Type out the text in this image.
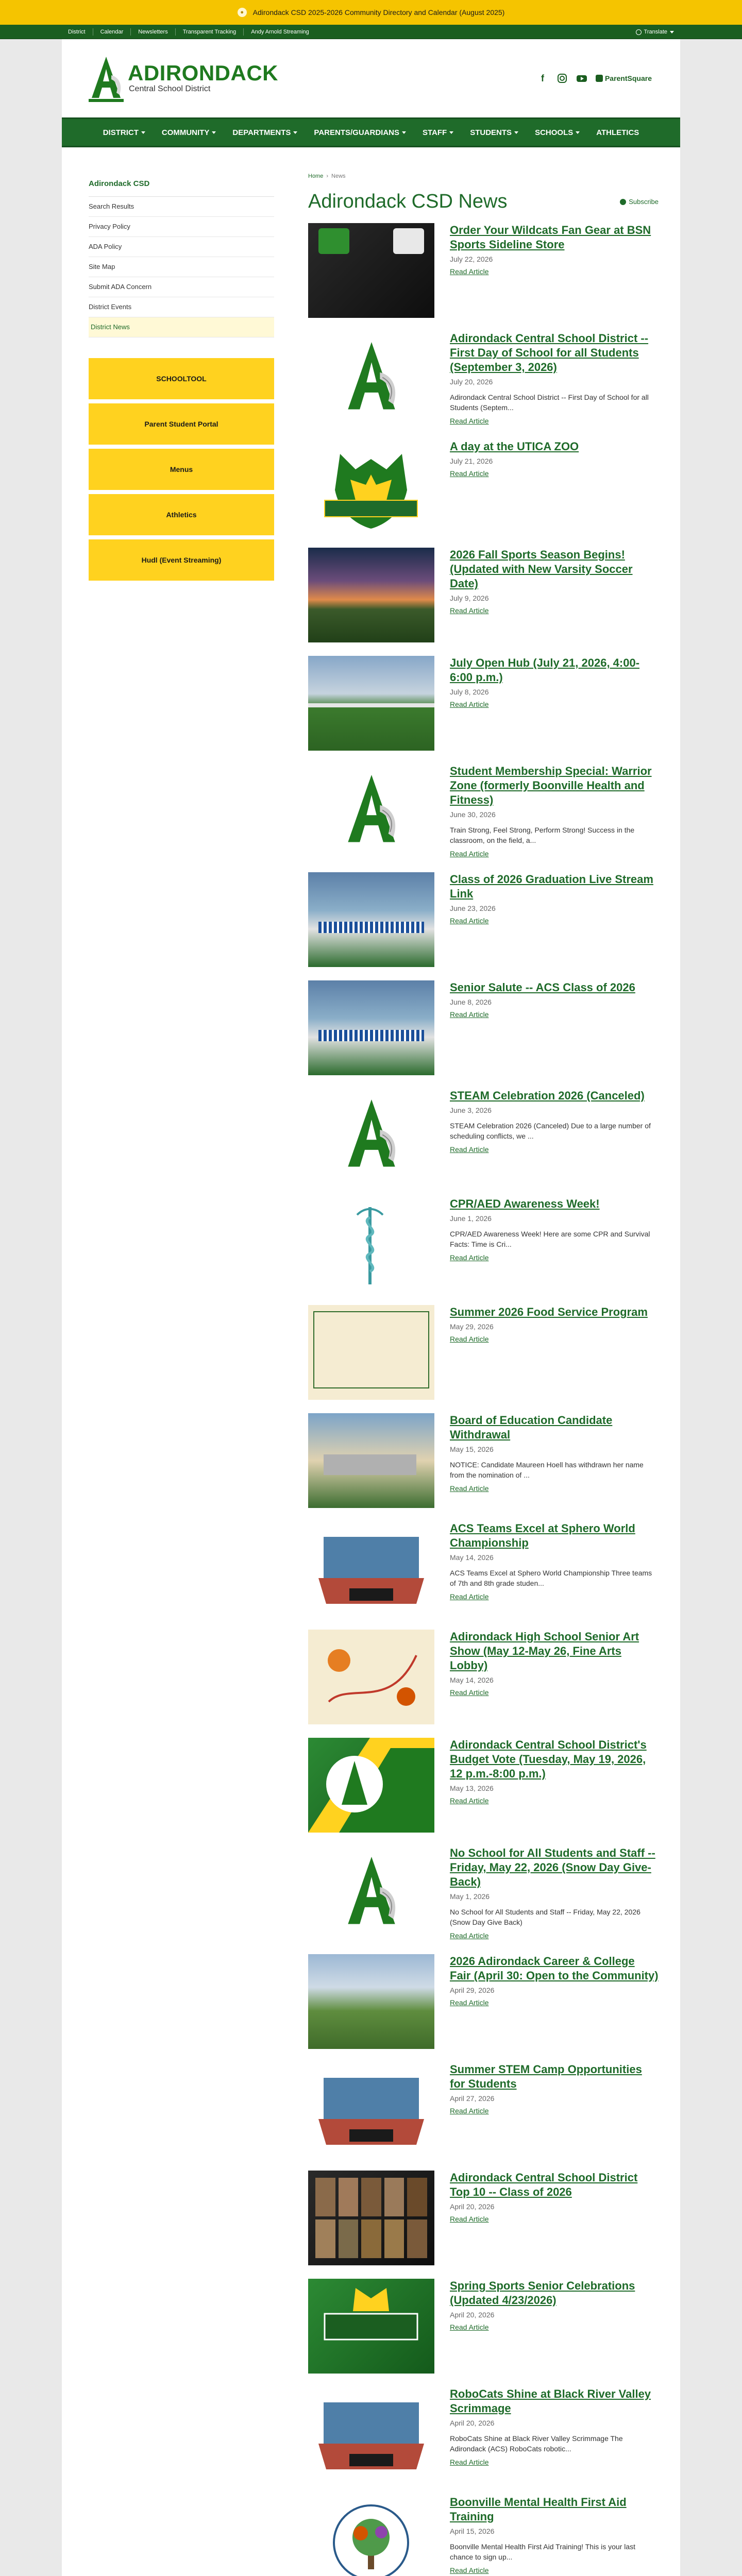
●	Adirondack CSD 2025-2026 Community Directory and Calendar (August 2025)
District	Calendar	Newsletters	Transparent Tracking	Andy Arnold Streaming	Translate
ADIRONDACK
Central School District
f	ParentSquare
DISTRICT	COMMUNITY	DEPARTMENTS	PARENTS/GUARDIANS	STAFF	STUDENTS	SCHOOLS	ATHLETICS
Adirondack CSD
Search Results
Privacy Policy
ADA Policy
Site Map
Submit ADA Concern
District Events
District News
SCHOOLTOOL
Parent Student Portal
Menus
Athletics
Hudl (Event Streaming)
Home › News
Adirondack CSD News	Subscribe
Order Your Wildcats Fan Gear at BSN Sports Sideline Store
July 22, 2026
Read Article
Adirondack Central School District -- First Day of School for all Students (September 3, 2026)
July 20, 2026
Adirondack Central School District -- First Day of School for all Students (Septem...
Read Article
A day at the UTICA ZOO
July 21, 2026
Read Article
2026 Fall Sports Season Begins! (Updated with New Varsity Soccer Date)
July 9, 2026
Read Article
July Open Hub (July 21, 2026, 4:00-6:00 p.m.)
July 8, 2026
Read Article
Student Membership Special: Warrior Zone (formerly Boonville Health and Fitness)
June 30, 2026
Train Strong, Feel Strong, Perform Strong! Success in the classroom, on the field, a...
Read Article
Class of 2026 Graduation Live Stream Link
June 23, 2026
Read Article
Senior Salute -- ACS Class of 2026
June 8, 2026
Read Article
STEAM Celebration 2026 (Canceled)
June 3, 2026
STEAM Celebration 2026 (Canceled) Due to a large number of scheduling conflicts, we ...
Read Article
CPR/AED Awareness Week!
June 1, 2026
CPR/AED Awareness Week! Here are some CPR and Survival Facts: Time is Cri...
Read Article
Summer 2026 Food Service Program
May 29, 2026
Read Article
Board of Education Candidate Withdrawal
May 15, 2026
NOTICE: Candidate Maureen Hoell has withdrawn her name from the nomination of ...
Read Article
ACS Teams Excel at Sphero World Championship
May 14, 2026
ACS Teams Excel at Sphero World Championship Three teams of 7th and 8th grade studen...
Read Article
Adirondack High School Senior Art Show (May 12-May 26, Fine Arts Lobby)
May 14, 2026
Read Article
Adirondack Central School District's Budget Vote (Tuesday, May 19, 2026, 12 p.m.-8:00 p.m.)
May 13, 2026
Read Article
No School for All Students and Staff -- Friday, May 22, 2026 (Snow Day Give-Back)
May 1, 2026
No School for All Students and Staff -- Friday, May 22, 2026 (Snow Day Give Back)
Read Article
2026 Adirondack Career & College Fair (April 30: Open to the Community)
April 29, 2026
Read Article
Summer STEM Camp Opportunities for Students
April 27, 2026
Read Article
Adirondack Central School District Top 10 -- Class of 2026
April 20, 2026
Read Article
Spring Sports Senior Celebrations (Updated 4/23/2026)
April 20, 2026
Read Article
RoboCats Shine at Black River Valley Scrimmage
April 20, 2026
RoboCats Shine at Black River Valley Scrimmage The Adirondack (ACS) RoboCats robotic...
Read Article
Boonville Mental Health First Aid Training
April 15, 2026
Boonville Mental Health First Aid Training! This is your last chance to sign up...
Read Article
